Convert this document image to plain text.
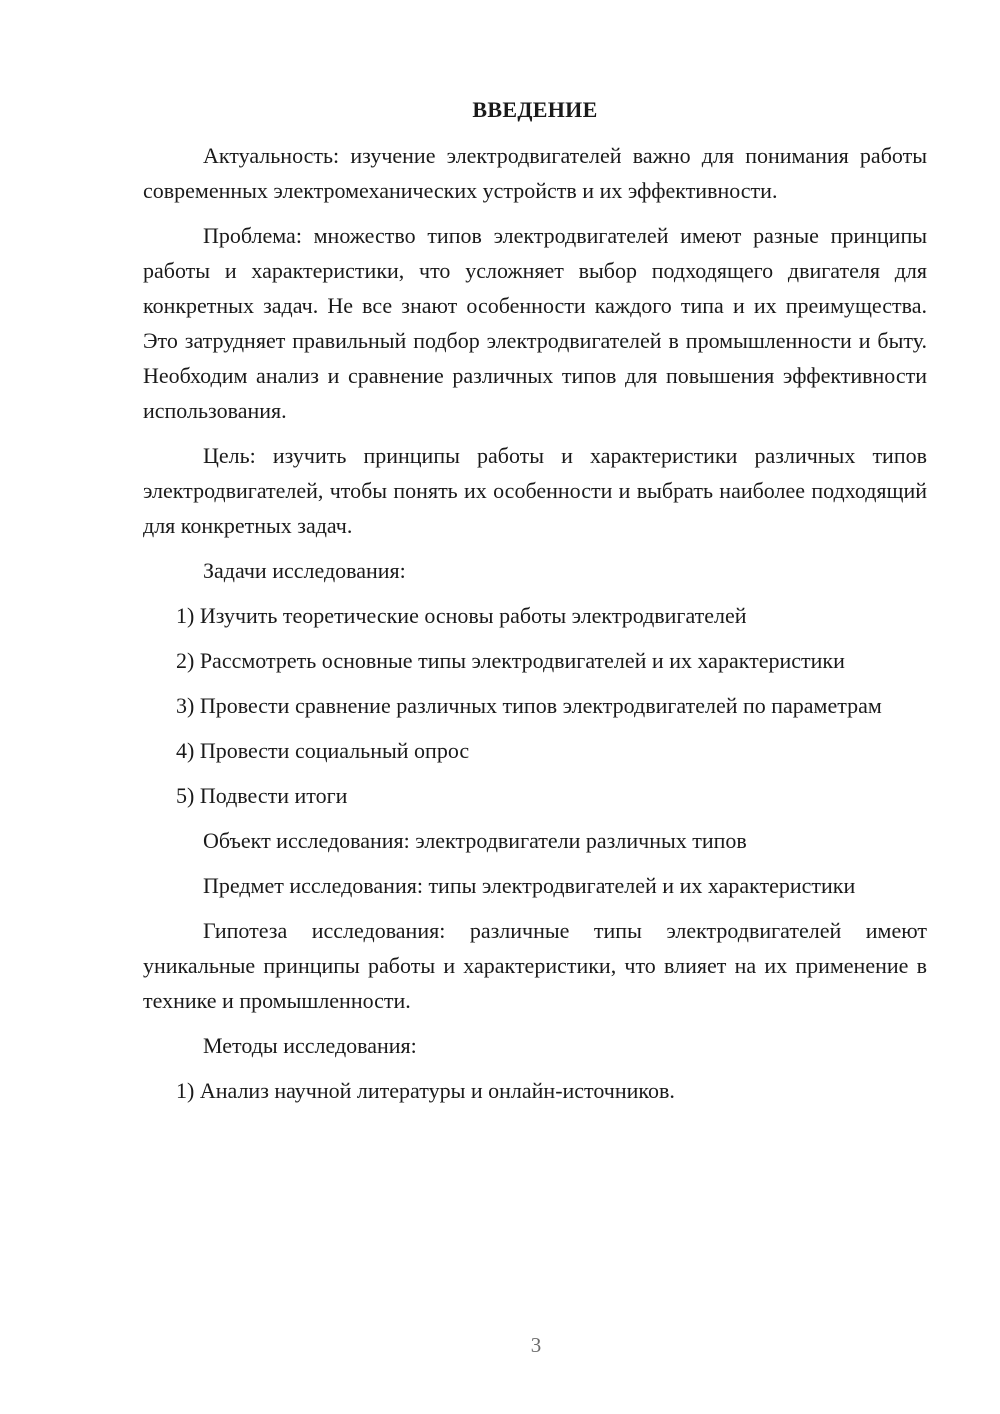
ВВЕДЕНИЕ

Актуальность: изучение электродвигателей важно для понимания работы современных электромеханических устройств и их эффективности.

Проблема: множество типов электродвигателей имеют разные принципы работы и характеристики, что усложняет выбор подходящего двигателя для конкретных задач. Не все знают особенности каждого типа и их преимущества. Это затрудняет правильный подбор электродвигателей в промышленности и быту. Необходим анализ и сравнение различных типов для повышения эффективности использования.

Цель: изучить принципы работы и характеристики различных типов электродвигателей, чтобы понять их особенности и выбрать наиболее подходящий для конкретных задач.

Задачи исследования:

1) Изучить теоретические основы работы электродвигателей

2) Рассмотреть основные типы электродвигателей и их характеристики

3) Провести сравнение различных типов электродвигателей по параметрам

4) Провести социальный опрос

5) Подвести итоги

Объект исследования: электродвигатели различных типов

Предмет исследования: типы электродвигателей и их характеристики

Гипотеза исследования: различные типы электродвигателей имеют уникальные принципы работы и характеристики, что влияет на их применение в технике и промышленности.

Методы исследования:

1) Анализ научной литературы и онлайн-источников.

3
